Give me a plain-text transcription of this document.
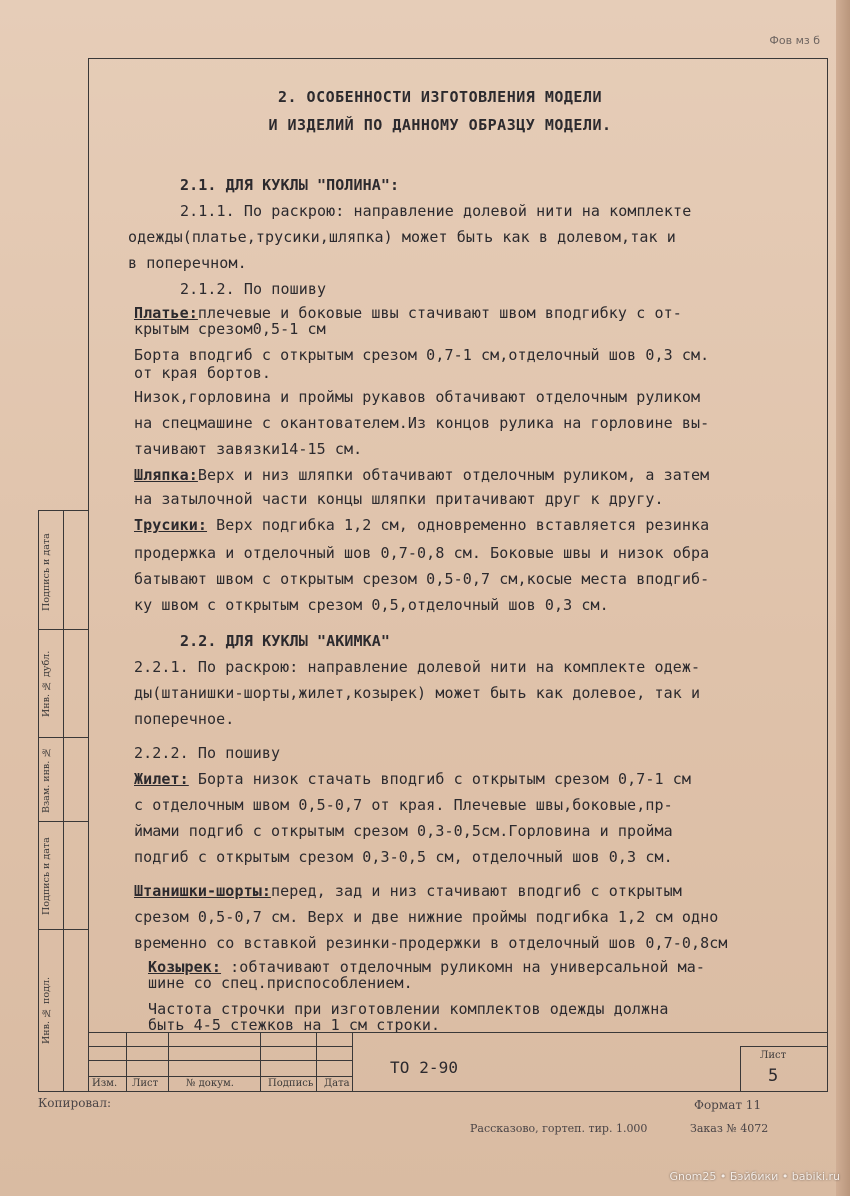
Фов мз б
2. ОСОБЕННОСТИ ИЗГОТОВЛЕНИЯ МОДЕЛИ
И ИЗДЕЛИЙ ПО ДАННОМУ ОБРАЗЦУ МОДЕЛИ.
2.1. ДЛЯ КУКЛЫ "ПОЛИНА":
2.1.1. По раскрою: направление долевой нити на комплекте
одежды(платье,трусики,шляпка) может быть как в долевом,так и
в поперечном.
2.1.2. По пошиву
Платье:плечевые и боковые швы стачивают швом вподгибку с от-
крытым срезом0,5-1 см
Борта вподгиб с открытым срезом 0,7-1 см,отделочный шов 0,3 см.
от края бортов.
Низок,горловина и проймы рукавов обтачивают отделочным руликом
на спецмашине с окантователем.Из концов рулика на горловине вы-
тачивают завязки14-15 см.
Шляпка:Верх и низ шляпки обтачивают отделочным руликом, а затем
на затылочной части концы шляпки притачивают друг к другу.
Трусики: Верх подгибка 1,2 см, одновременно вставляется резинка
продержка и отделочный шов 0,7-0,8 см. Боковые швы и низок обра
батывают швом с открытым срезом 0,5-0,7 см,косые места вподгиб-
ку швом с открытым срезом 0,5,отделочный шов 0,3 см.
2.2. ДЛЯ КУКЛЫ "АКИМКА"
2.2.1. По раскрою: направление долевой нити на комплекте одеж-
ды(штанишки-шорты,жилет,козырек) может быть как долевое, так и
поперечное.
2.2.2. По пошиву
Жилет: Борта низок стачать вподгиб с открытым срезом 0,7-1 см
с отделочным швом 0,5-0,7 от края. Плечевые швы,боковые,пр-
ймами подгиб с открытым срезом 0,3-0,5см.Горловина и пройма
подгиб с открытым срезом 0,3-0,5 см, отделочный шов 0,3 см.
Штанишки-шорты:перед, зад и низ стачивают вподгиб с открытым
срезом 0,5-0,7 см. Верх и две нижние проймы подгибка 1,2 см одно
временно со вставкой резинки-продержки в отделочный шов 0,7-0,8см
Козырек: :обтачивают отделочным руликомн на универсальной ма-
шине со спец.приспособлением.
Частота строчки при изготовлении комплектов одежды должна
быть 4-5 стежков на 1 см строки.
Подпись и дата
Инв. № дубл.
Взам. инв. №
Подпись и дата
Инв. № подл.
Изм. Лист	№ докум.	Подпись Дата
ТО 2-90
Лист
5
Копировал:	Формат 11
Рассказово, гортеп. тир. 1.000	Заказ № 4072
Gnom25 • Бэйбики • babiki.ru
